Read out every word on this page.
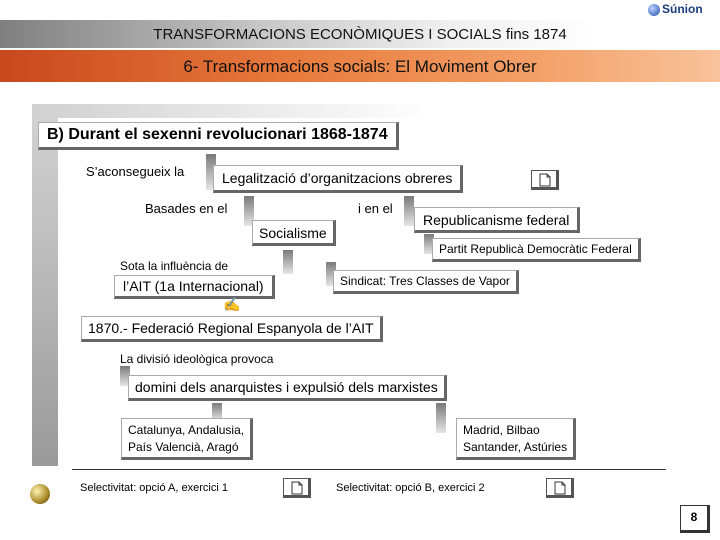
TRANSFORMACIONS ECONÒMIQUES I SOCIALS fins 1874
Súnion
6- Transformacions socials: El Moviment Obrer
B) Durant el sexenni revolucionari 1868-1874
S’aconsegueix la	Legalització d’organitzacions obreres
Basades en el
Socialisme
i en el
Republicanisme federal
Partit Republicà Democràtic Federal
Sota la influència de
l’AIT (1a Internacional)	Sindicat: Tres Classes de Vapor
✍
1870.- Federació Regional Espanyola de l’AIT
La divisió ideològica provoca
domini dels anarquistes i expulsió dels marxistes
Catalunya, Andalusia,
País Valencià, Aragó
Madrid, Bilbao
Santander, Astúries
Selectivitat: opció A, exercici 1	Selectivitat: opció B, exercici 2
8
